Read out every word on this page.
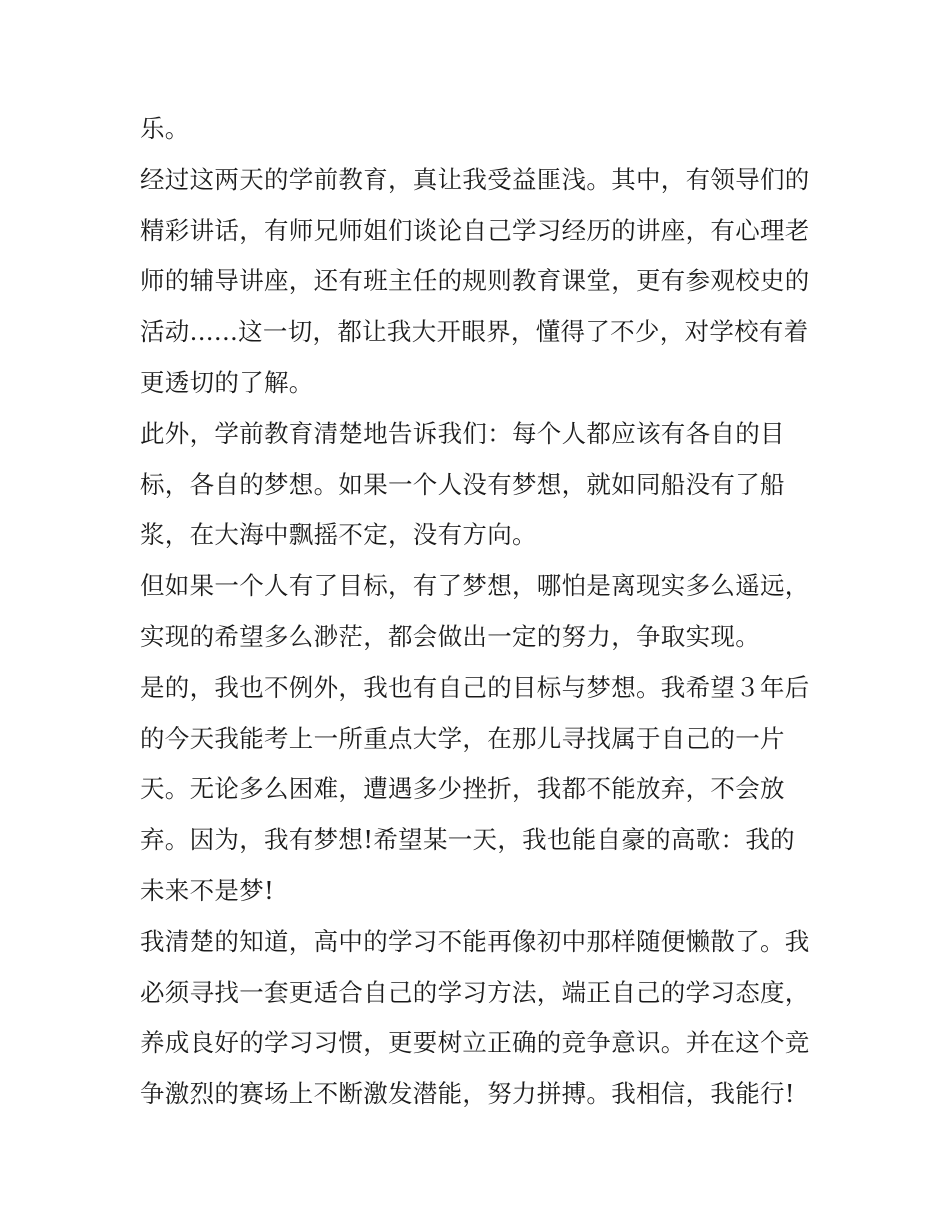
乐。
经过这两天的学前教育，真让我受益匪浅。其中，有领导们的
精彩讲话，有师兄师姐们谈论自己学习经历的讲座，有心理老
师的辅导讲座，还有班主任的规则教育课堂，更有参观校史的
活动......这一切，都让我大开眼界，懂得了不少，对学校有着
更透切的了解。
此外，学前教育清楚地告诉我们：每个人都应该有各自的目
标，各自的梦想。如果一个人没有梦想，就如同船没有了船
浆，在大海中飘摇不定，没有方向。
但如果一个人有了目标，有了梦想，哪怕是离现实多么遥远，
实现的希望多么渺茫，都会做出一定的努力，争取实现。
是的，我也不例外，我也有自己的目标与梦想。我希望３年后
的今天我能考上一所重点大学，在那儿寻找属于自己的一片
天。无论多么困难，遭遇多少挫折，我都不能放弃，不会放
弃。因为，我有梦想!希望某一天，我也能自豪的高歌：我的
未来不是梦!
我清楚的知道，高中的学习不能再像初中那样随便懒散了。我
必须寻找一套更适合自己的学习方法，端正自己的学习态度，
养成良好的学习习惯，更要树立正确的竞争意识。并在这个竞
争激烈的赛场上不断激发潜能，努力拼搏。我相信，我能行!
